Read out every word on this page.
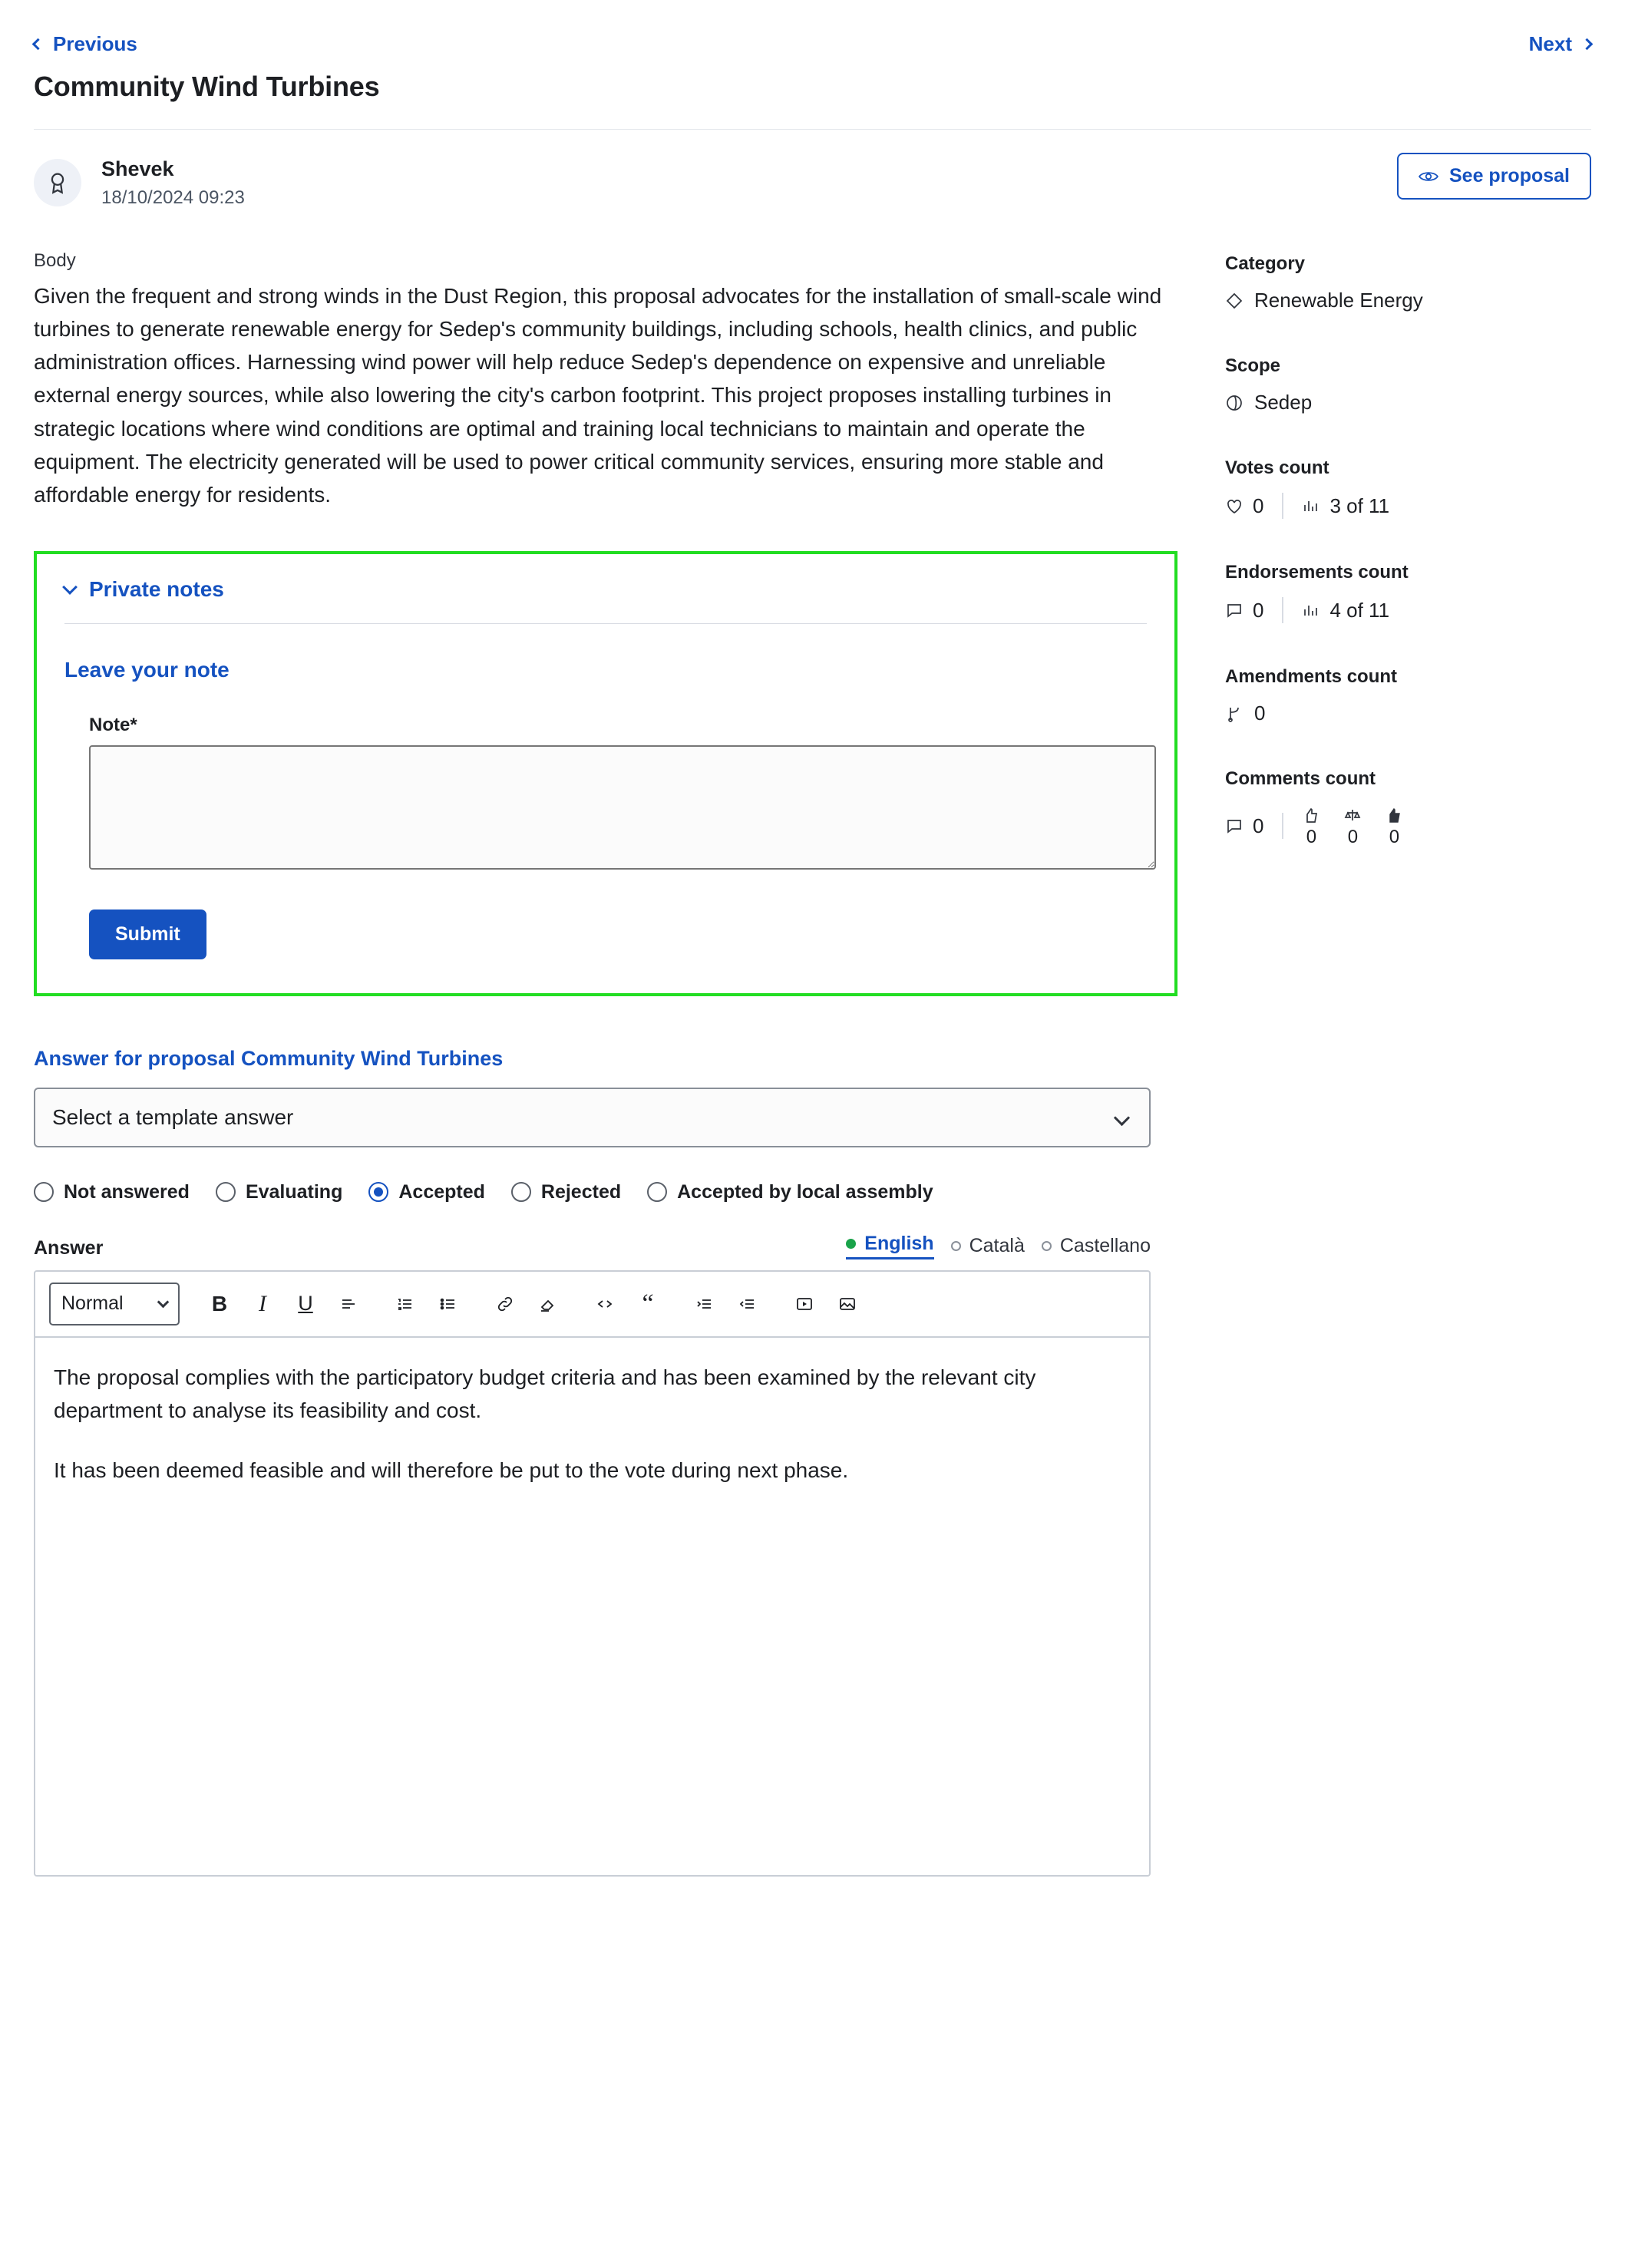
Previous	Next
Community Wind Turbines
Shevek
18/10/2024 09:23
See proposal
Body

Given the frequent and strong winds in the Dust Region, this proposal advocates for the installation of small-scale wind turbines to generate renewable energy for Sedep's community buildings, including schools, health clinics, and public administration offices. Harnessing wind power will help reduce Sedep's dependence on expensive and unreliable external energy sources, while also lowering the city's carbon footprint. This project proposes installing turbines in strategic locations where wind conditions are optimal and training local technicians to maintain and operate the equipment. The electricity generated will be used to power critical community services, ensuring more stable and affordable energy for residents.

Private notes
Leave your note
Note*
Submit
Answer for proposal Community Wind Turbines
Select a template answer
Not answered	Evaluating	Accepted	Rejected	Accepted by local assembly
Answer	English Català Castellano
Normal	B I U	“

The proposal complies with the participatory budget criteria and has been examined by the relevant city department to analyse its feasibility and cost.

It has been deemed feasible and will therefore be put to the vote during next phase.

Category
Renewable Energy
Scope
Sedep
Votes count
0	3 of 11
Endorsements count
0	4 of 11
Amendments count
0
Comments count
0 0 0 0
